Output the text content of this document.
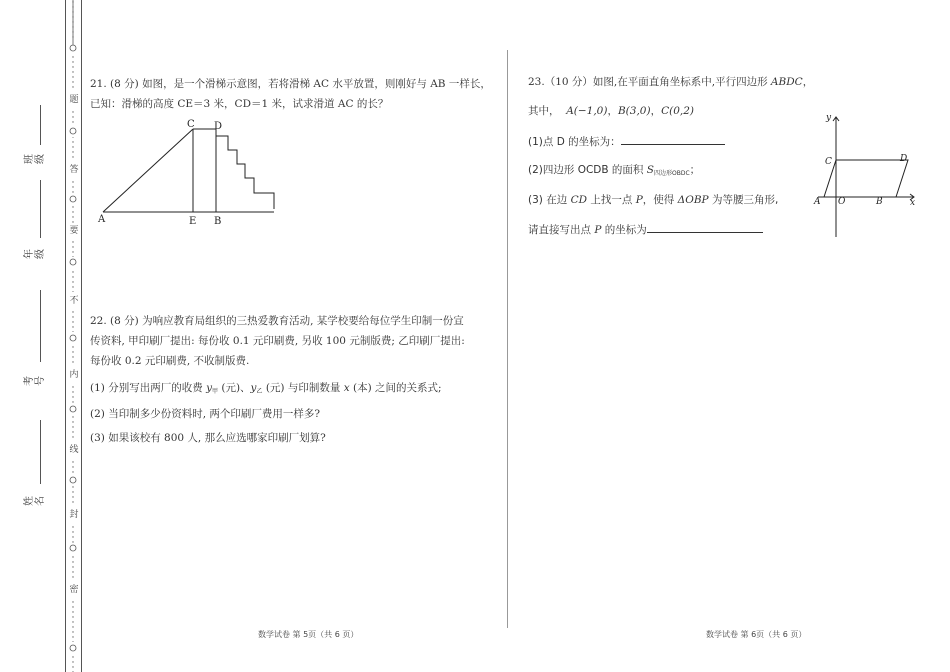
题
答
要
不
内
线
封
密
班级
年级
考号
姓名
21. (8 分) 如图，是一个滑梯示意图，若将滑梯 AC 水平放置，则刚好与 AB 一样长，
已知：滑梯的高度 CE＝3 米，CD＝1 米，试求滑道 AC 的长？
C D
A	E B
22. (8 分) 为响应教育局组织的三热爱教育活动, 某学校要给每位学生印制一份宣
传资料, 甲印刷厂提出: 每份收 0.1 元印刷费, 另收 100 元制版费; 乙印刷厂提出:
每份收 0.2 元印刷费, 不收制版费.
(1) 分别写出两厂的收费 $y_甲$ (元)、$y_乙$ (元) 与印制数量 x (本) 之间的关系式;
(2) 当印制多少份资料时, 两个印刷厂费用一样多?
(3) 如果该校有 800 人, 那么应选哪家印刷厂划算?
23.（10 分）如图,在平面直角坐标系中,平行四边形 ABDC，
其中， A(−1,0)，B(3,0)，C(0,2)
(1)点 D 的坐标为：
(2)四边形 OCDB 的面积 $S_{四边形OBDC}$；
(3) 在边 CD 上找一点 P，使得 ΔOBP 为等腰三角形,
请直接写出点 P 的坐标为
y
x
C	D
A O	B
数学试卷 第 5页（共 6 页）	数学试卷 第 6页（共 6 页）
